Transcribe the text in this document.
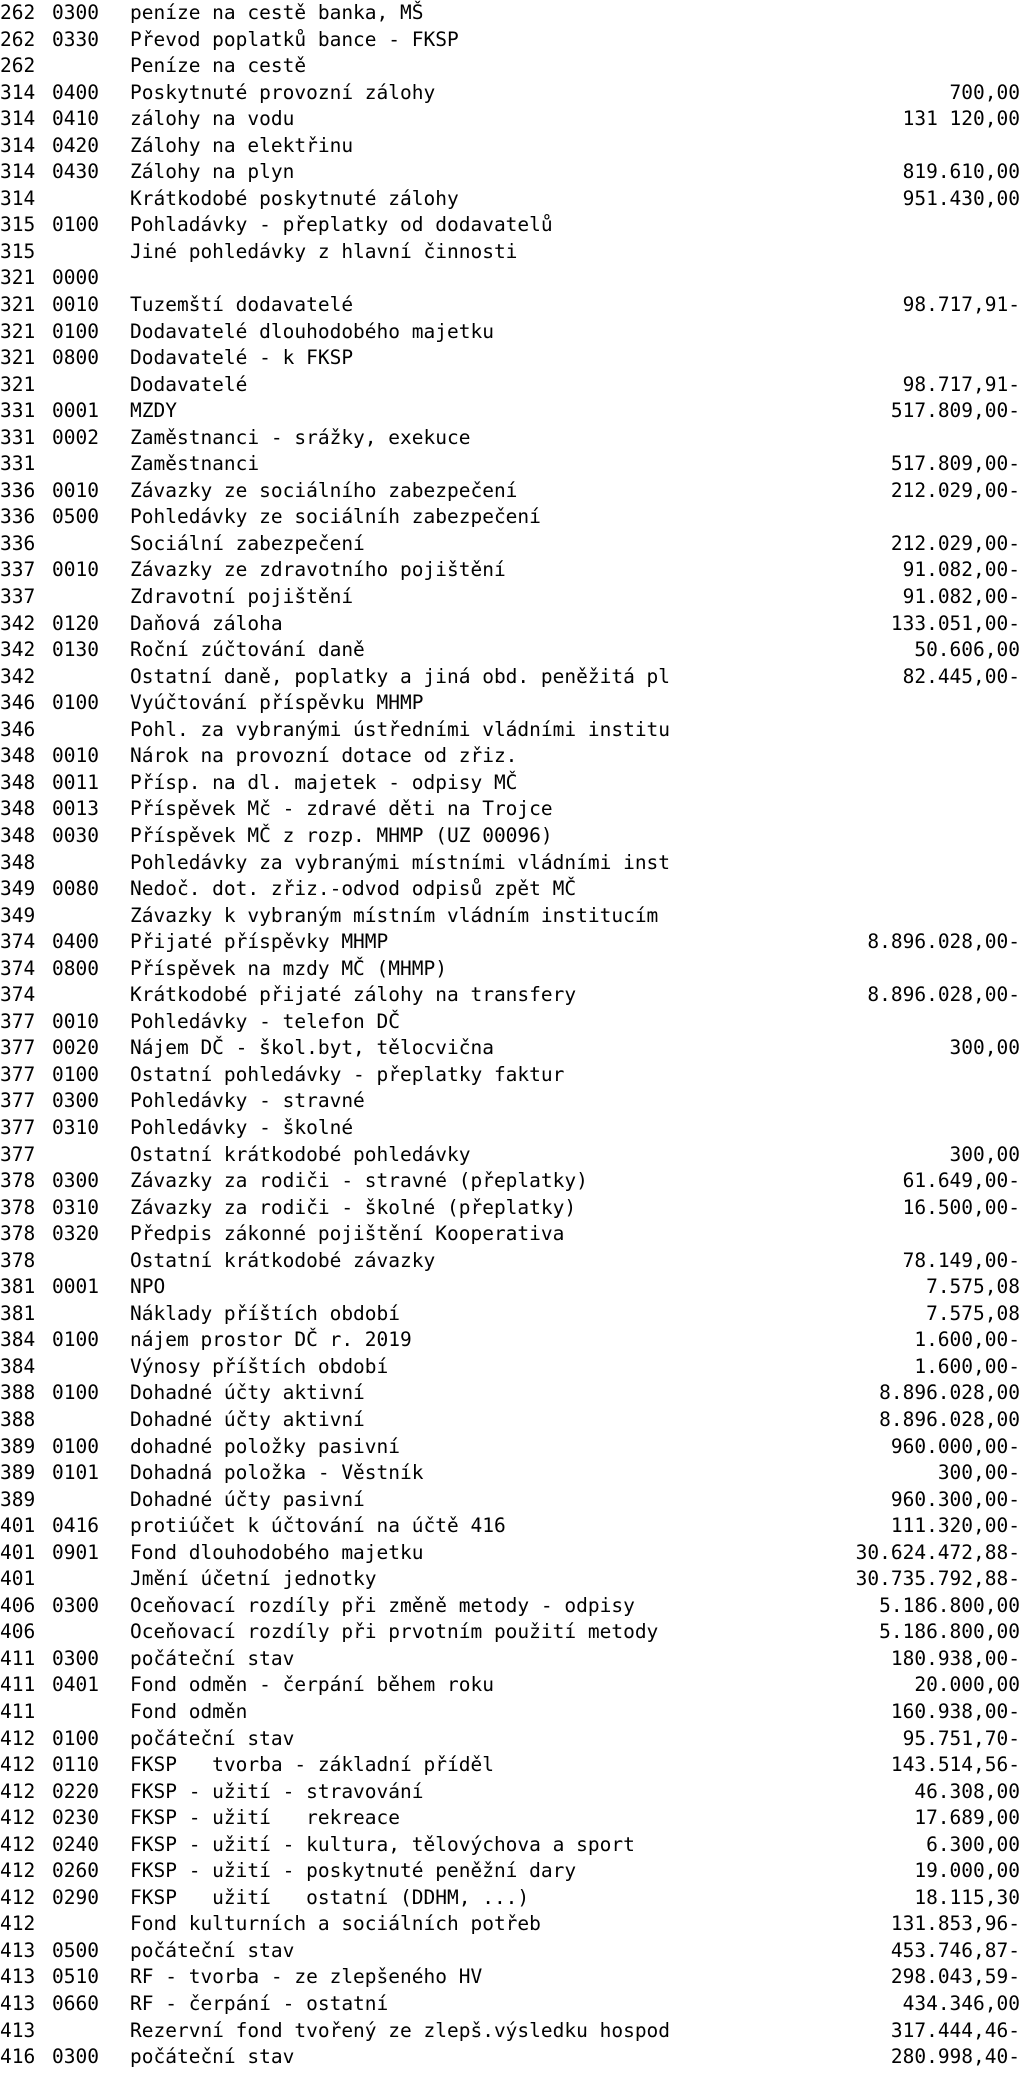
262 0300	peníze na cestě banka, MŠ
262 0330	Převod poplatků bance - FKSP
262	Peníze na cestě
314 0400	Poskytnuté provozní zálohy	700,00
314 0410	zálohy na vodu	131 120,00
314 0420	Zálohy na elektřinu
314 0430	Zálohy na plyn	819.610,00
314	Krátkodobé poskytnuté zálohy	951.430,00
315 0100	Pohladávky - přeplatky od dodavatelů
315	Jiné pohledávky z hlavní činnosti
321 0000
321 0010	Tuzemští dodavatelé	98.717,91-
321 0100	Dodavatelé dlouhodobého majetku
321 0800	Dodavatelé - k FKSP
321	Dodavatelé	98.717,91-
331 0001	MZDY	517.809,00-
331 0002	Zaměstnanci - srážky, exekuce
331	Zaměstnanci	517.809,00-
336 0010	Závazky ze sociálního zabezpečení	212.029,00-
336 0500	Pohledávky ze sociálníh zabezpečení
336	Sociální zabezpečení	212.029,00-
337 0010	Závazky ze zdravotního pojištění	91.082,00-
337	Zdravotní pojištění	91.082,00-
342 0120	Daňová záloha	133.051,00-
342 0130	Roční zúčtování daně	50.606,00
342	Ostatní daně, poplatky a jiná obd. peněžitá pl	82.445,00-
346 0100	Vyúčtování příspěvku MHMP
346	Pohl. za vybranými ústředními vládními institu
348 0010	Nárok na provozní dotace od zřiz.
348 0011	Přísp. na dl. majetek - odpisy MČ
348 0013	Příspěvek Mč - zdravé děti na Trojce
348 0030	Příspěvek MČ z rozp. MHMP (UZ 00096)
348	Pohledávky za vybranými místními vládními inst
349 0080	Nedoč. dot. zřiz.-odvod odpisů zpět MČ
349	Závazky k vybraným místním vládním institucím
374 0400	Přijaté příspěvky MHMP	8.896.028,00-
374 0800	Příspěvek na mzdy MČ (MHMP)
374	Krátkodobé přijaté zálohy na transfery	8.896.028,00-
377 0010	Pohledávky - telefon DČ
377 0020	Nájem DČ - škol.byt, tělocvična	300,00
377 0100	Ostatní pohledávky - přeplatky faktur
377 0300	Pohledávky - stravné
377 0310	Pohledávky - školné
377	Ostatní krátkodobé pohledávky	300,00
378 0300	Závazky za rodiči - stravné (přeplatky)	61.649,00-
378 0310	Závazky za rodiči - školné (přeplatky)	16.500,00-
378 0320	Předpis zákonné pojištění Kooperativa
378	Ostatní krátkodobé závazky	78.149,00-
381 0001	NPO	7.575,08
381	Náklady příštích období	7.575,08
384 0100	nájem prostor DČ r. 2019	1.600,00-
384	Výnosy příštích období	1.600,00-
388 0100	Dohadné účty aktivní	8.896.028,00
388	Dohadné účty aktivní	8.896.028,00
389 0100	dohadné položky pasivní	960.000,00-
389 0101	Dohadná položka - Věstník	300,00-
389	Dohadné účty pasivní	960.300,00-
401 0416	protiúčet k účtování na účtě 416	111.320,00-
401 0901	Fond dlouhodobého majetku	30.624.472,88-
401	Jmění účetní jednotky	30.735.792,88-
406 0300	Oceňovací rozdíly při změně metody - odpisy	5.186.800,00
406	Oceňovací rozdíly při prvotním použití metody	5.186.800,00
411 0300	počáteční stav	180.938,00-
411 0401	Fond odměn - čerpání během roku	20.000,00
411	Fond odměn	160.938,00-
412 0100	počáteční stav	95.751,70-
412 0110	FKSP   tvorba - základní příděl	143.514,56-
412 0220	FKSP - užití - stravování	46.308,00
412 0230	FKSP - užití   rekreace	17.689,00
412 0240	FKSP - užití - kultura, tělovýchova a sport	6.300,00
412 0260	FKSP - užití - poskytnuté peněžní dary	19.000,00
412 0290	FKSP   užití   ostatní (DDHM, ...)	18.115,30
412	Fond kulturních a sociálních potřeb	131.853,96-
413 0500	počáteční stav	453.746,87-
413 0510	RF - tvorba - ze zlepšeného HV	298.043,59-
413 0660	RF - čerpání - ostatní	434.346,00
413	Rezervní fond tvořený ze zlepš.výsledku hospod	317.444,46-
416 0300	počáteční stav	280.998,40-
